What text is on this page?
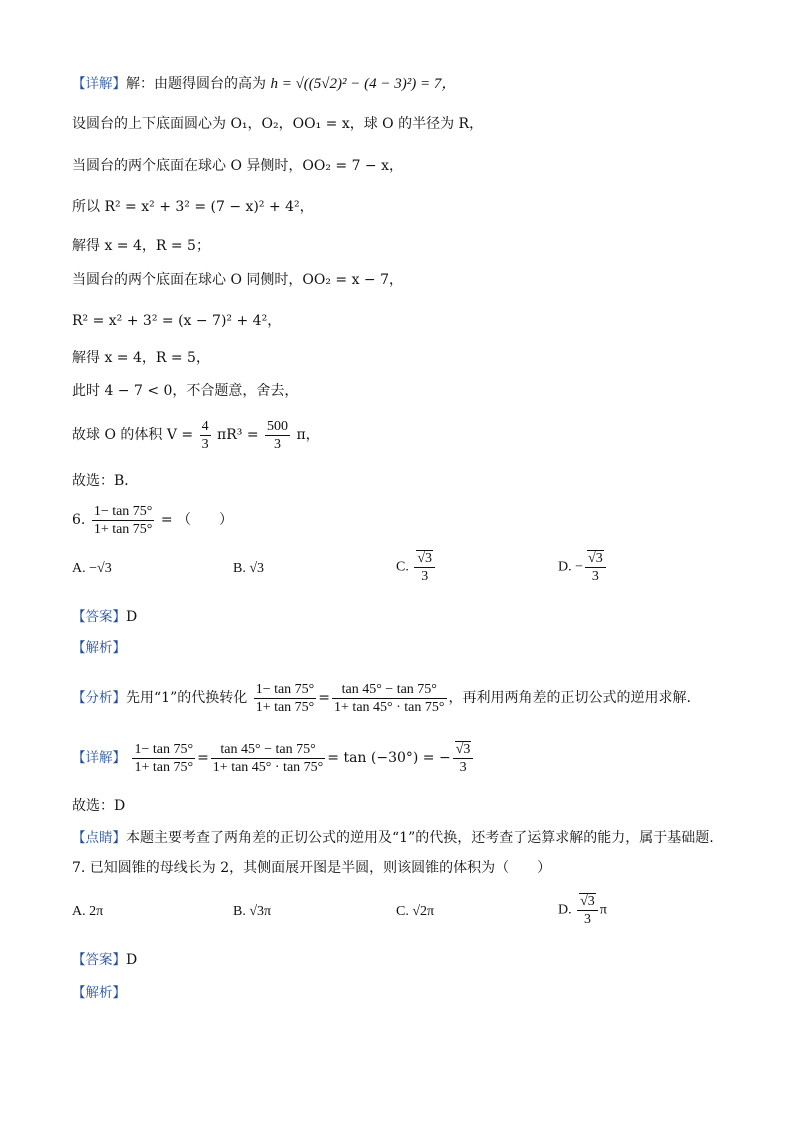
【详解】解：由题得圆台的高为 h = √((5√2)² − (4 − 3)²) = 7，
设圆台的上下底面圆心为 O₁，O₂，OO₁ = x，球 O 的半径为 R，
当圆台的两个底面在球心 O 异侧时，OO₂ = 7 − x，
所以 R² = x² + 3² = (7 − x)² + 4²，
解得 x = 4，R = 5；
当圆台的两个底面在球心 O 同侧时，OO₂ = x − 7，
R² = x² + 3² = (x − 7)² + 4²，
解得 x = 4，R = 5，
此时 4 − 7 < 0，不合题意，舍去，
故球 O 的体积 $V = \frac{4}{3} \pi R^3 = \frac{500}{3}$ π，
故选：B．
6. $\frac{1- \tan 75^\circ}{1+ \tan 75^\circ}$ = （　　）
A. −√3	B. √3	C. $\frac{√3}{3}$	D. − $\frac{√3}{3}$
【答案】D
【解析】
【分析】先用“1”的代换转化 $\frac{1- \tan 75^\circ}{1+ \tan 75^\circ} = \frac{\tan 45^\circ - \tan 75^\circ}{1+ \tan 45^\circ \cdot \tan 75^\circ}$ ，再利用两角差的正切公式的逆用求解.
【详解】 $\frac{1- \tan 75^\circ}{1+ \tan 75^\circ} = \frac{\tan 45^\circ - \tan 75^\circ}{1+ \tan 45^\circ \cdot \tan 75^\circ} = \tan (-30^\circ)$ = − $\frac{√3}{3}$
故选：D
【点睛】本题主要考查了两角差的正切公式的逆用及“1”的代换，还考查了运算求解的能力，属于基础题.
7. 已知圆锥的母线长为 2，其侧面展开图是半圆，则该圆锥的体积为（　　）
A. 2π	B. √3π	C. √2π	D. $\frac{√3}{3}$ π
【答案】D
【解析】
